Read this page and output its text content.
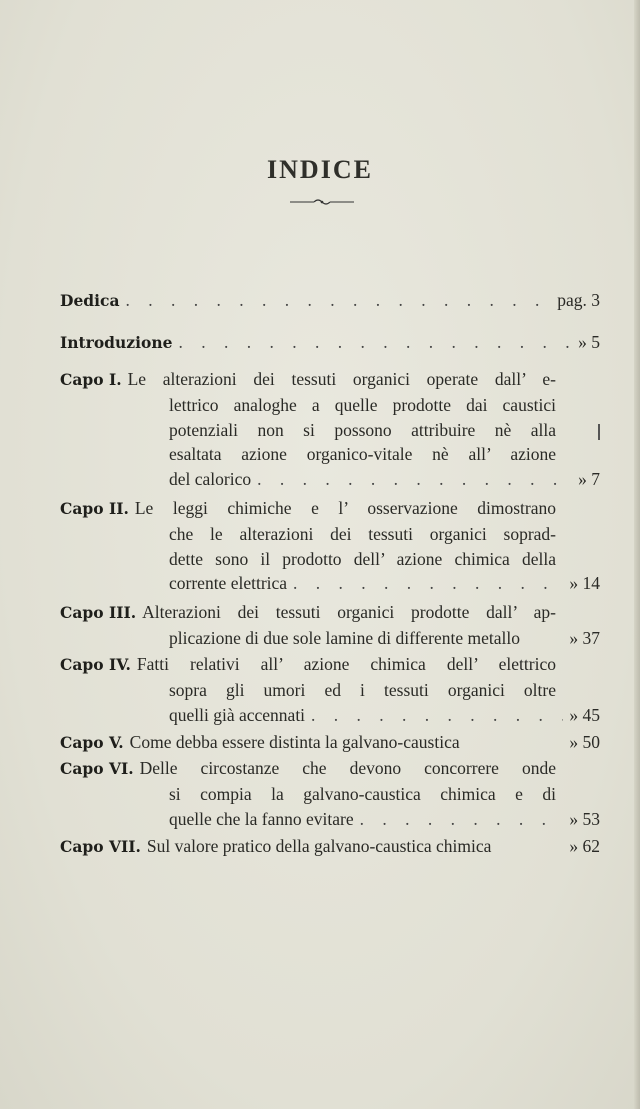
INDICE
Dedica . . .	pag. 3
Introduzione . . .	» 5
Capo I. Le alterazioni dei tessuti organici operate dall’ e-
lettrico analoghe a quelle prodotte dai caustici
potenziali non si possono attribuire nè alla
esaltata azione organico-vitale nè all’ azione
del calorico . . .	» 7
Capo II. Le leggi chimiche e l’ osservazione dimostrano
che le alterazioni dei tessuti organici soprad-
dette sono il prodotto dell’ azione chimica della
corrente elettrica . . .	» 14
Capo III. Alterazioni dei tessuti organici prodotte dall’ ap-
plicazione di due sole lamine di differente metallo	» 37
Capo IV. Fatti relativi all’ azione chimica dell’ elettrico
sopra gli umori ed i tessuti organici oltre
quelli già accennati . . .	» 45
Capo V. Come debba essere distinta la galvano-caustica	» 50
Capo VI. Delle circostanze che devono concorrere onde
si compia la galvano-caustica chimica e di
quelle che la fanno evitare . . .	» 53
Capo VII. Sul valore pratico della galvano-caustica chimica	» 62
